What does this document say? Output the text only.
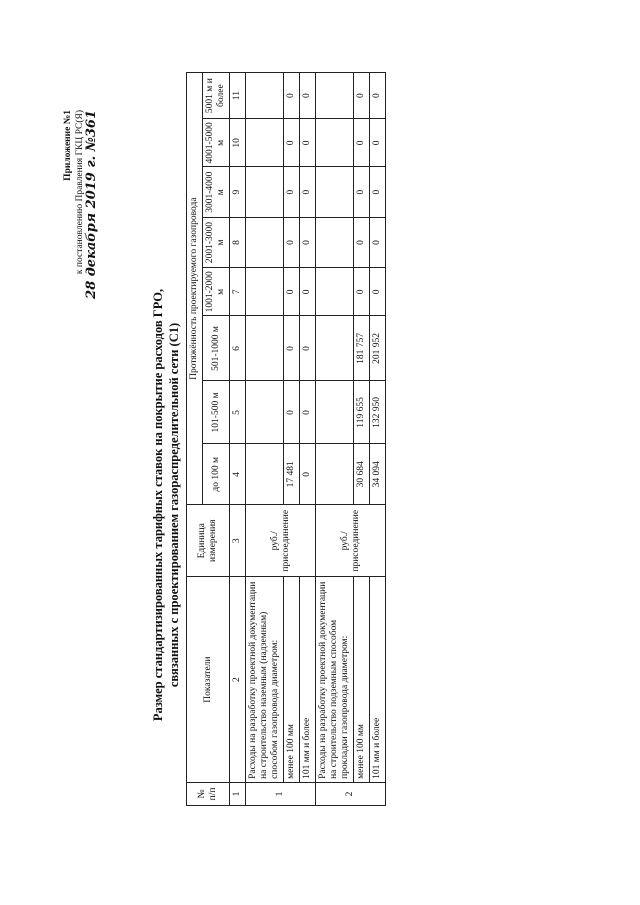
Приложение №1 к постановлению Правления ГКЦ РС(Я) 28 декабря 2019 г. №361
Размер стандартизированных тарифных ставок на покрытие расходов ГРО, связанных с проектированием газораспределительной сети (С1)
№ п/п	Показатели	Единица измерения	Протяжённость проектируемого газопровода							
			до 100 м	101-500 м	501-1000 м	1001-2000 м	2001-3000 м	3001-4000 м	4001-5000 м	5001 м и более
1	2	3	4	5	6	7	8	9	10	11
1	Расходы на разработку проектной документации на строительство наземным (надземным) способом газопровода диаметром:	руб./присоединение								
	менее 100 мм		17 481	0	0	0	0	0	0	0
	101 мм и более		0	0	0	0	0	0	0	0
2	Расходы на разработку проектной документации на строительство подземным способом прокладки газопровода диаметром:	руб./присоединение								
	менее 100 мм		30 684	119 655	181 757	0	0	0	0	0
	101 мм и более		34 094	132 950	201 952	0	0	0	0	0
